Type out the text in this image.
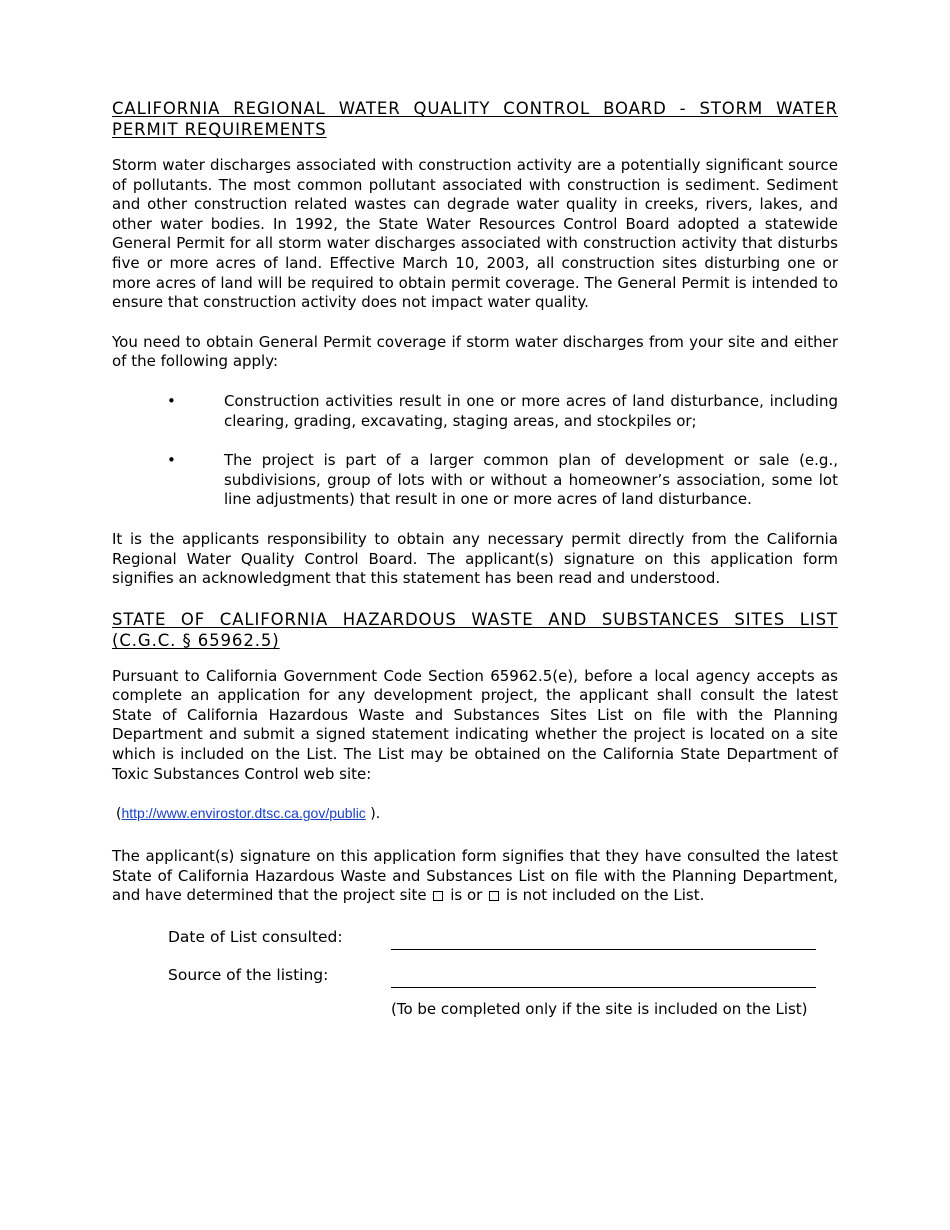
CALIFORNIA REGIONAL WATER QUALITY CONTROL BOARD - STORM WATER PERMIT REQUIREMENTS

Storm water discharges associated with construction activity are a potentially significant source of pollutants. The most common pollutant associated with construction is sediment. Sediment and other construction related wastes can degrade water quality in creeks, rivers, lakes, and other water bodies. In 1992, the State Water Resources Control Board adopted a statewide General Permit for all storm water discharges associated with construction activity that disturbs five or more acres of land. Effective March 10, 2003, all construction sites disturbing one or more acres of land will be required to obtain permit coverage. The General Permit is intended to ensure that construction activity does not impact water quality.

You need to obtain General Permit coverage if storm water discharges from your site and either of the following apply:

•	Construction activities result in one or more acres of land disturbance, including clearing, grading, excavating, staging areas, and stockpiles or;
•	The project is part of a larger common plan of development or sale (e.g., subdivisions, group of lots with or without a homeowner’s association, some lot line adjustments) that result in one or more acres of land disturbance.

It is the applicants responsibility to obtain any necessary permit directly from the California Regional Water Quality Control Board. The applicant(s) signature on this application form signifies an acknowledgment that this statement has been read and understood.

STATE OF CALIFORNIA HAZARDOUS WASTE AND SUBSTANCES SITES LIST (C.G.C. § 65962.5)

Pursuant to California Government Code Section 65962.5(e), before a local agency accepts as complete an application for any development project, the applicant shall consult the latest State of California Hazardous Waste and Substances Sites List on file with the Planning Department and submit a signed statement indicating whether the project is located on a site which is included on the List. The List may be obtained on the California State Department of Toxic Substances Control web site:

(http://www.envirostor.dtsc.ca.gov/public ).

The applicant(s) signature on this application form signifies that they have consulted the latest State of California Hazardous Waste and Substances List on file with the Planning Department, and have determined that the project site  is or  is not included on the List.

Date of List consulted:
Source of the listing:
(To be completed only if the site is included on the List)
